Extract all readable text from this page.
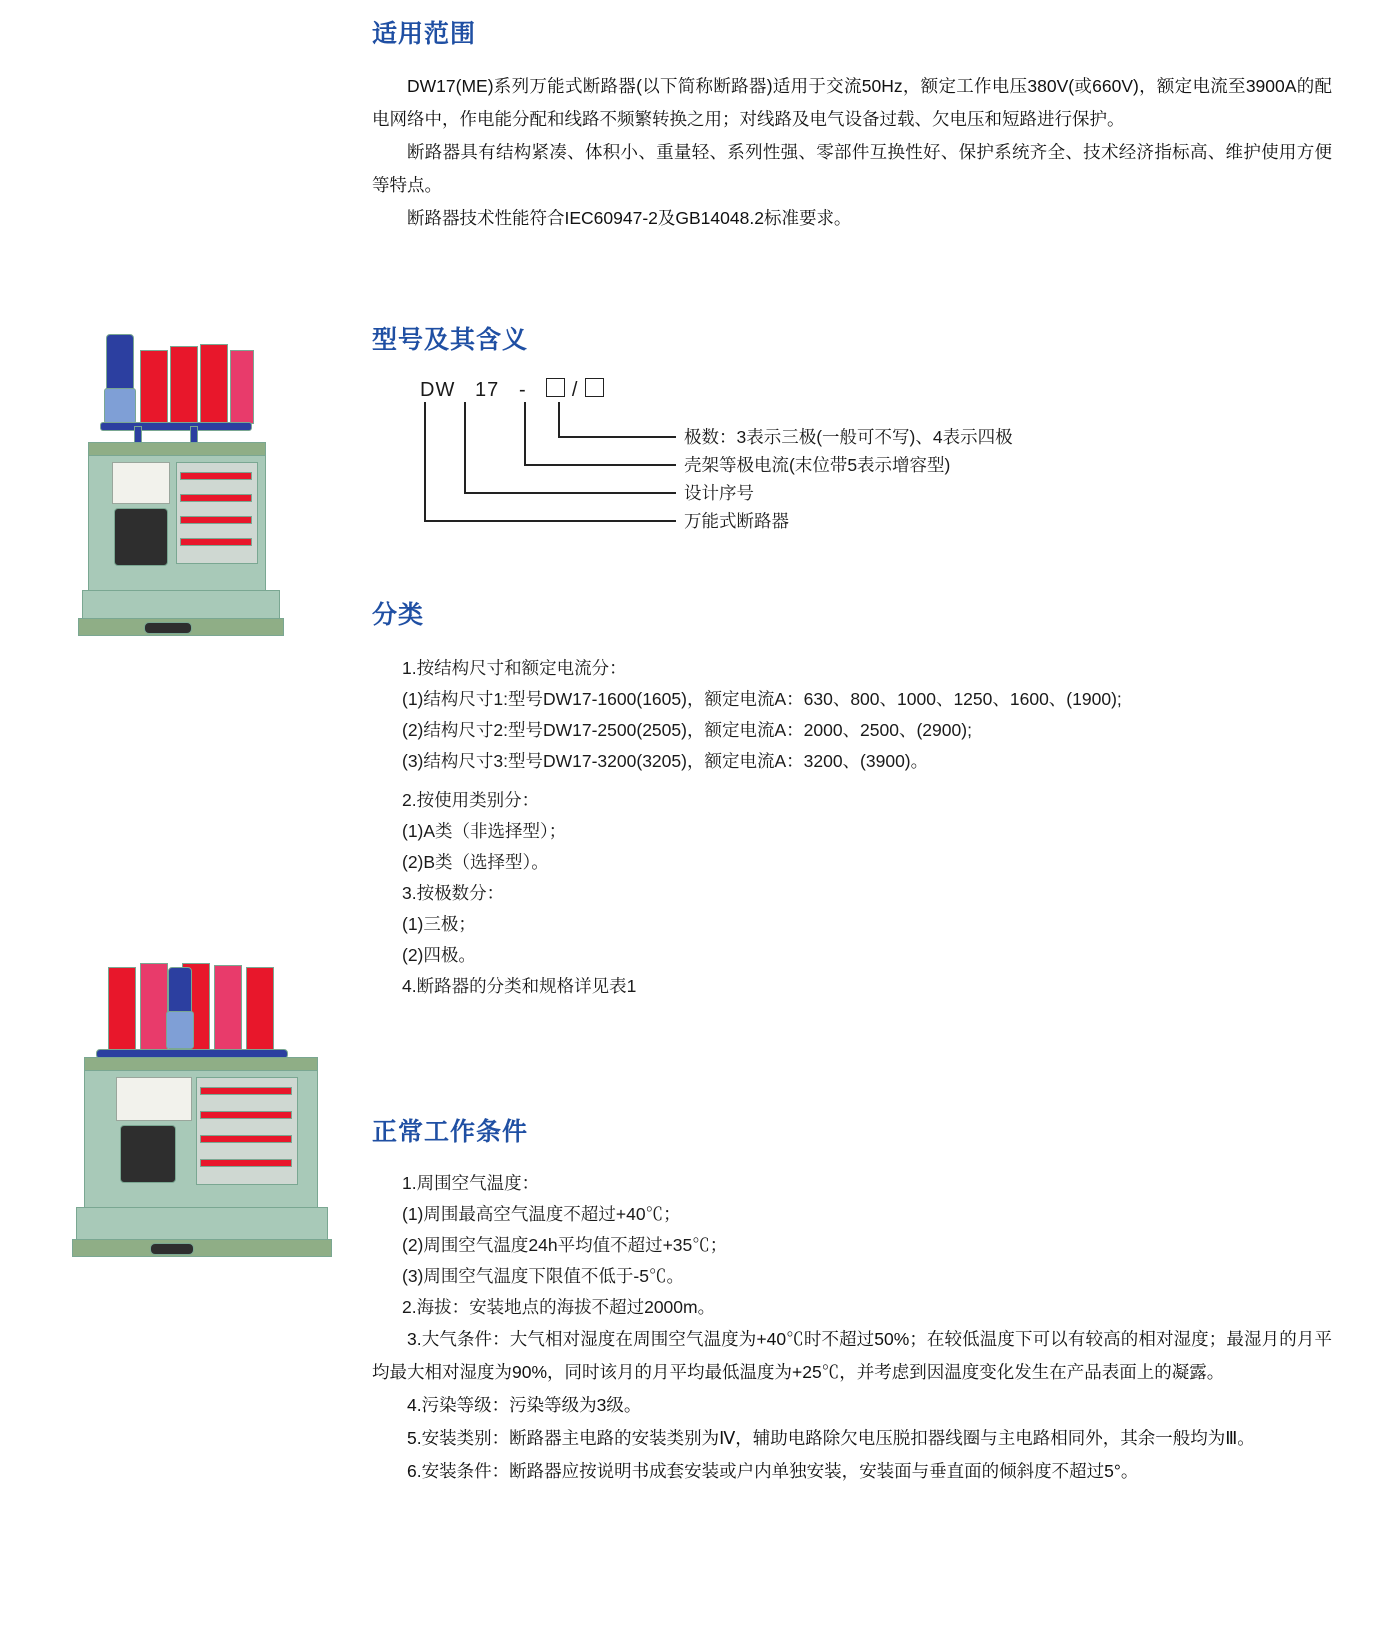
适用范围

DW17(ME)系列万能式断路器(以下简称断路器)适用于交流50Hz，额定工作电压380V(或660V)，额定电流至3900A的配电网络中，作电能分配和线路不频繁转换之用；对线路及电气设备过载、欠电压和短路进行保护。

断路器具有结构紧凑、体积小、重量轻、系列性强、零部件互换性好、保护系统齐全、技术经济指标高、维护使用方便等特点。

断路器技术性能符合IEC60947-2及GB14048.2标准要求。

型号及其含义
DW 17 - /
极数：3表示三极(一般可不写)、4表示四极
壳架等极电流(末位带5表示增容型)
设计序号
万能式断路器
分类

1.按结构尺寸和额定电流分：

(1)结构尺寸1:型号DW17-1600(1605)，额定电流A：630、800、1000、1250、1600、(1900);

(2)结构尺寸2:型号DW17-2500(2505)，额定电流A：2000、2500、(2900);

(3)结构尺寸3:型号DW17-3200(3205)，额定电流A：3200、(3900)。

2.按使用类别分：

(1)A类（非选择型）；

(2)B类（选择型）。

3.按极数分：

(1)三极；

(2)四极。

4.断路器的分类和规格详见表1

正常工作条件

1.周围空气温度：

(1)周围最高空气温度不超过+40℃；

(2)周围空气温度24h平均值不超过+35℃；

(3)周围空气温度下限值不低于-5℃。

2.海拔：安装地点的海拔不超过2000m。

3.大气条件：大气相对湿度在周围空气温度为+40℃时不超过50%；在较低温度下可以有较高的相对湿度；最湿月的月平均最大相对湿度为90%，同时该月的月平均最低温度为+25℃，并考虑到因温度变化发生在产品表面上的凝露。

4.污染等级：污染等级为3级。

5.安装类别：断路器主电路的安装类别为Ⅳ，辅助电路除欠电压脱扣器线圈与主电路相同外，其余一般均为Ⅲ。

6.安装条件：断路器应按说明书成套安装或户内单独安装，安装面与垂直面的倾斜度不超过5°。
